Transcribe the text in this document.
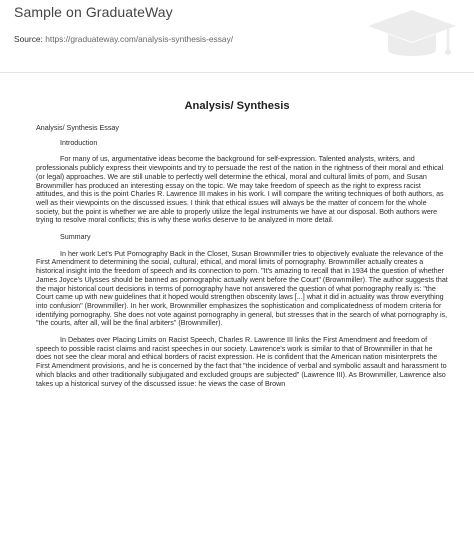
Sample on GraduateWay
Source: https://graduateway.com/analysis-synthesis-essay/
Analysis/ Synthesis

Analysis/ Synthesis Essay

Introduction

For many of us, argumentative ideas become the background for self-expression. Talented analysts, writers, and professionals publicly express their viewpoints and try to persuade the rest of the nation in the rightness of their moral and ethical (or legal) approaches. We are still unable to perfectly well determine the ethical, moral and cultural limits of porn, and Susan Brownmiller has produced an interesting essay on the topic. We may take freedom of speech as the right to express racist attitudes, and this is the point Charles R. Lawrence III makes in his work. I will compare the writing techniques of both authors, as well as their viewpoints on the discussed issues. I think that ethical issues will always be the matter of concern for the whole society, but the point is whether we are able to properly utilize the legal instruments we have at our disposal. Both authors were trying to resolve moral conflicts; this is why these works deserve to be analyzed in more detail.

Summary

In her work Let’s Put Pornography Back in the Closet, Susan Brownmiller tries to objectively evaluate the relevance of the First Amendment to determining the social, cultural, ethical, and moral limits of pornography. Brownmiller actually creates a historical insight into the freedom of speech and its connection to porn. "It's amazing to recall that in 1934 the question of whether James Joyce's Ulysses should be banned as pornographic actually went before the Court" (Brownmiller). The author suggests that the major historical court decisions in terms of pornography have not answered the question of what pornography really is: "the Court came up with new guidelines that it hoped would strengthen obscenity laws [...] what it did in actuality was throw everything into confusion" (Brownmiller). In her work, Brownmiller emphasizes the sophistication and complicatedness of modern criteria for identifying pornography. She does not vote against pornography in general, but stresses that in the search of what pornography is, "the courts, after all, will be the final arbiters" (Brownmiller).

In Debates over Placing Limits on Racist Speech, Charles R. Lawrence III links the First Amendment and freedom of speech to possible racist claims and racist speeches in our society. Lawrence's work is similar to that of Brownmiller in that he does not see the clear moral and ethical borders of racist expression. He is confident that the American nation misinterprets the First Amendment provisions, and he is concerned by the fact that "the incidence of verbal and symbolic assault and harassment to which blacks and other traditionally subjugated and excluded groups are subjected" (Lawrence III). As Brownmiller, Lawrence also takes up a historical survey of the discussed issue: he views the case of Brown
